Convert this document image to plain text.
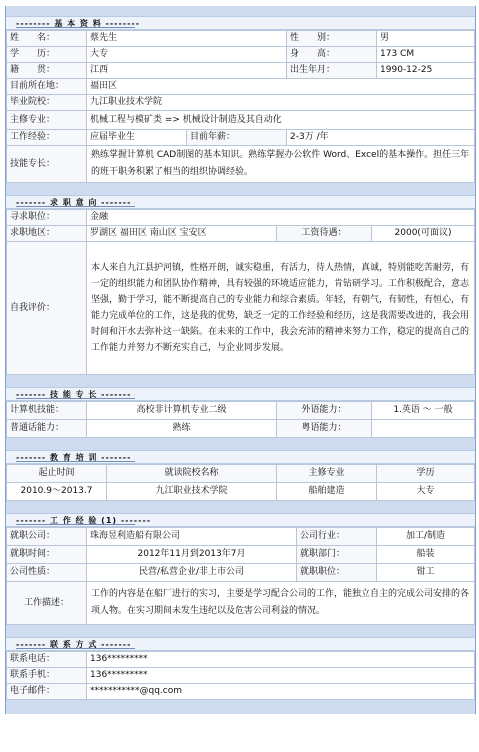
-------- 基 本 资 料 --------
姓　　名：	蔡先生		性　　别：	男
学　　历：	大专		身　　高：	173 CM
籍　　贯：	江西		出生年月：	1990-12-25
目前所在地：	福田区			
毕业院校：	九江职业技术学院			
主修专业：	机械工程与模矿类 => 机械设计制造及其自动化			
工作经验：	应届毕业生	目前年薪：	2-3万 /年	
技能专长：	熟练掌握计算机 CAD制图的基本知识。熟练掌握办公软件 Word、Excel的基本操作。担任三年的班干职务积累了相当的组织协调经验。			
------- 求 职 意 向 -------
寻求职位：	金融		
求职地区：	罗湖区 福田区 南山区 宝安区	工资待遇：	2000(可面议)
自我评价：	本人来自九江县护河镇，性格开朗，诚实稳重，有活力，待人热情，真诚，特别能吃苦耐劳，有一定的组织能力和团队协作精神，具有较强的环境适应能力，肯钻研学习。工作积极配合，意志坚强，勤于学习，能不断提高自己的专业能力和综合素质。年轻，有朝气，有韧性，有恒心，有能力完成单位的工作，这是我的优势，缺乏一定的工作经验和经历，这是我需要改进的，我会用时间和汗水去弥补这一缺陷。在未来的工作中，我会充沛的精神来努力工作，稳定的提高自己的工作能力并努力不断充实自己，与企业同步发展。		
------- 技 能 专 长 -------
计算机技能：	高校非计算机专业二级	外语能力：	1.英语 ～ 一般
普通话能力：	熟练	粤语能力：	
------- 教 育 培 训 -------
起止时间	就读院校名称	主修专业	学历
2010.9～2013.7	九江职业技术学院	船舶建造	大专
------- 工 作 经 验 (1) -------
就职公司：	珠海昱利造船有限公司	公司行业：	加工/制造
就职时间：	2012年11月到2013年7月	就职部门：	船装
公司性质：	民营/私营企业/非上市公司	就职职位：	钳工
工作描述：	工作的内容是在船厂进行的实习，主要是学习配合公司的工作，能独立自主的完成公司安排的各项人物。在实习期间未发生违纪以及危害公司利益的情况。		
------- 联 系 方 式 -------
联系电话：	136*********
联系手机：	136*********
电子邮件：	***********@qq.com
